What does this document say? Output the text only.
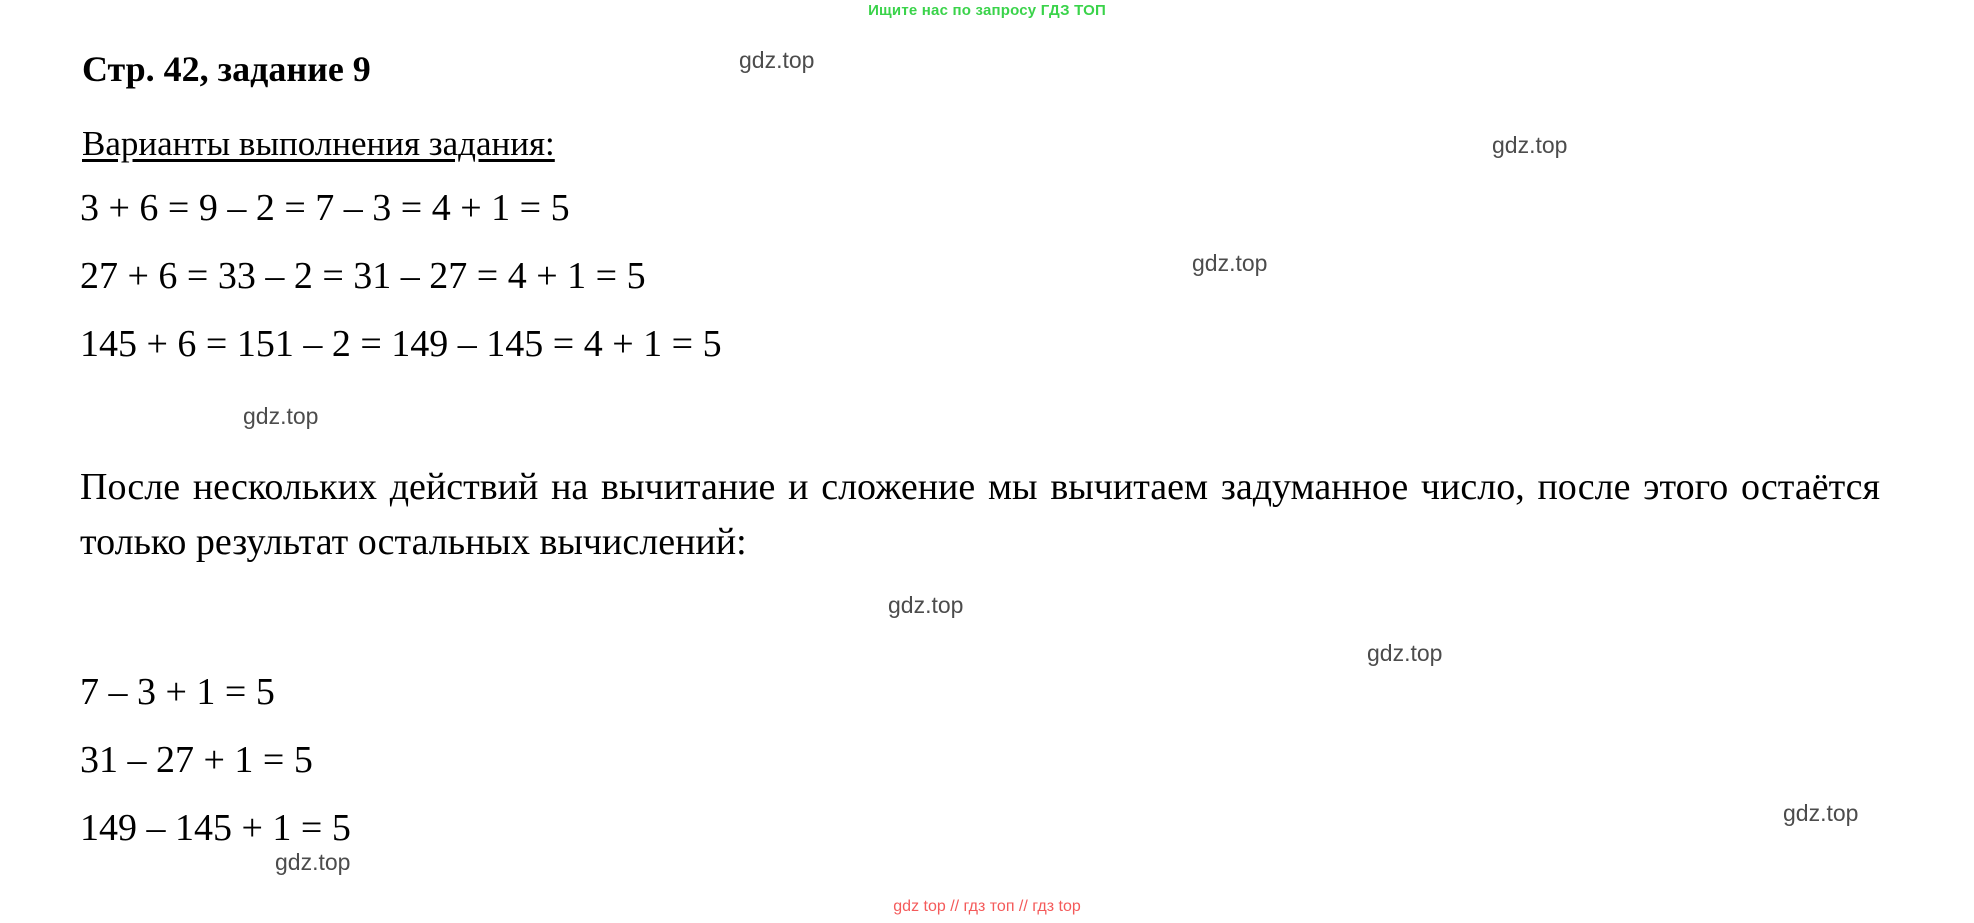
Ищите нас по запросу ГДЗ ТОП
Стр. 42, задание 9
Варианты выполнения задания:
3 + 6 = 9 – 2 = 7 – 3 = 4 + 1 = 5
27 + 6 = 33 – 2 = 31 – 27 = 4 + 1 = 5
145 + 6 = 151 – 2 = 149 – 145 = 4 + 1 = 5
После нескольких действий на вычитание и сложение мы вычитаем задуманное число, после этого остаётся только результат остальных вычислений:
7 – 3 + 1 = 5
31 – 27 + 1 = 5
149 – 145 + 1 = 5
gdz.top
gdz.top
gdz.top
gdz.top
gdz.top
gdz.top
gdz.top
gdz.top
gdz top // гдз топ // гдз top
